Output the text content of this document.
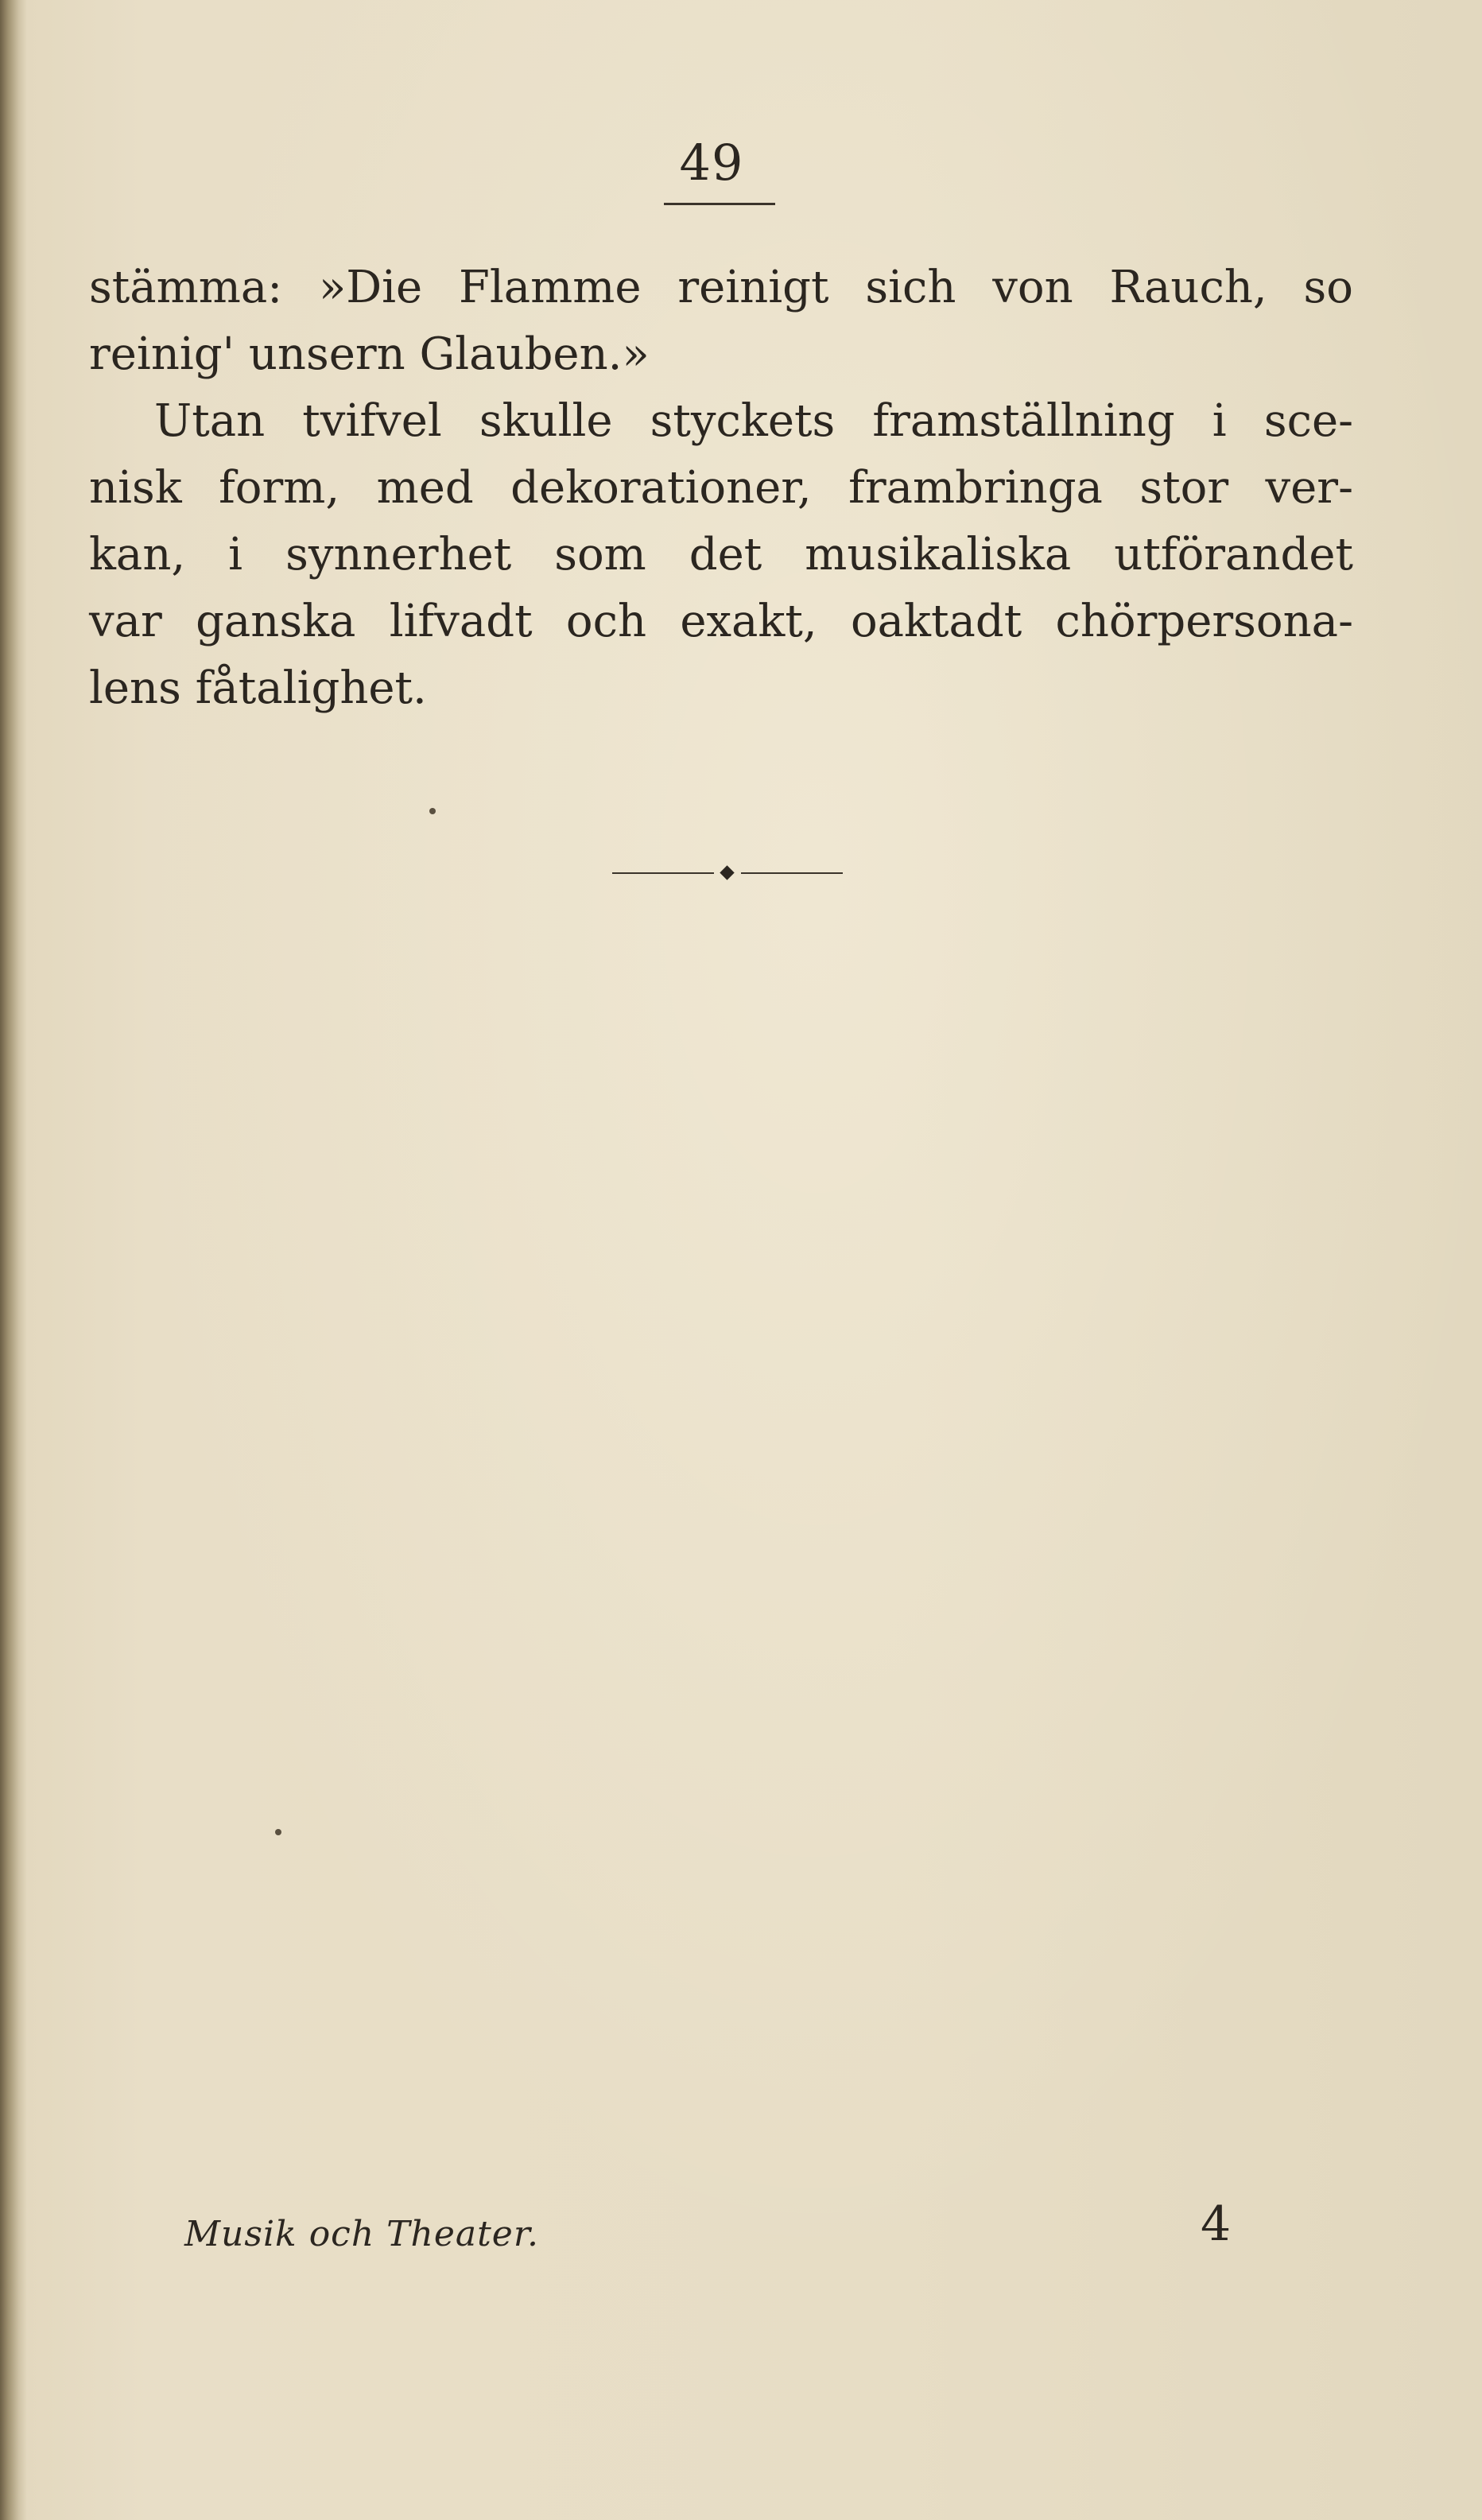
49
stämma: »Die Flamme reinigt sich von Rauch, so
reinig' unsern Glauben.»
Utan tvifvel skulle styckets framställning i sce-
nisk form, med dekorationer, frambringa stor ver-
kan, i synnerhet som det musikaliska utförandet
var ganska lifvadt och exakt, oaktadt chörpersona-
lens fåtalighet.
Musik och Theater.	4
